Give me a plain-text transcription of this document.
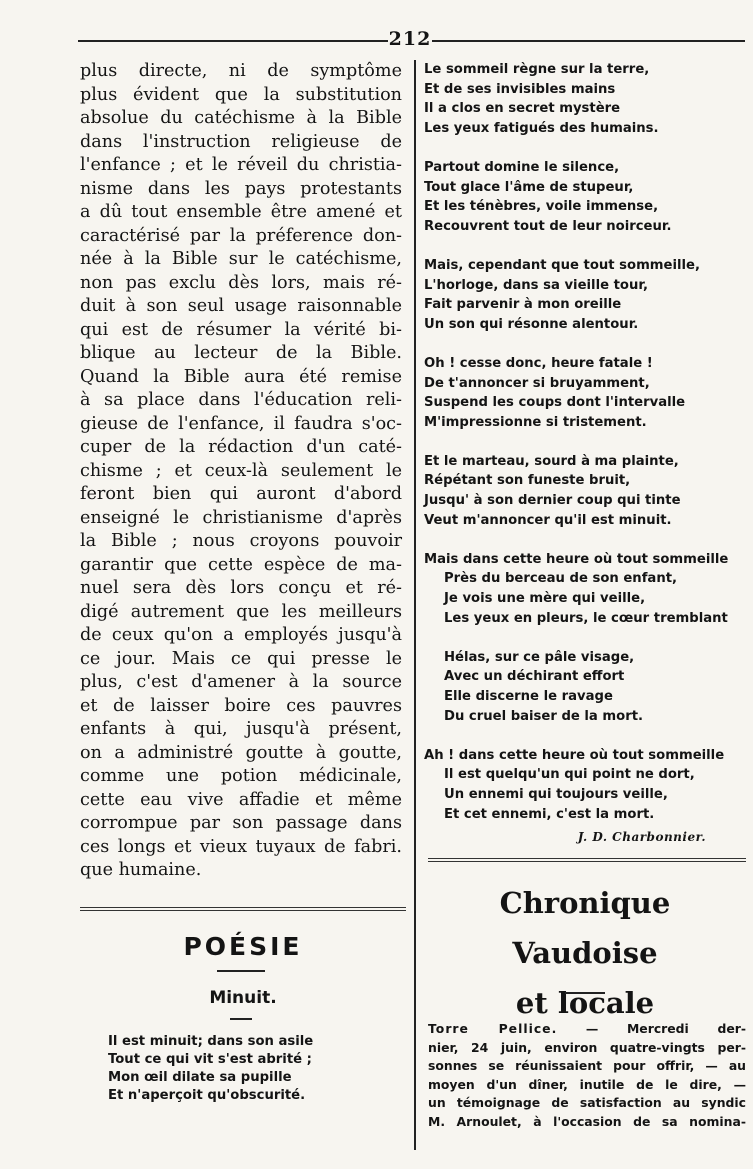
212
plus directe, ni de symptôme
plus évident que la substitution
absolue du catéchisme à la Bible
dans l'instruction religieuse de
l'enfance ; et le réveil du christia-
nisme dans les pays protestants
a dû tout ensemble être amené et
caractérisé par la préference don-
née à la Bible sur le catéchisme,
non pas exclu dès lors, mais ré-
duit à son seul usage raisonnable
qui est de résumer la vérité bi-
blique au lecteur de la Bible.
Quand la Bible aura été remise
à sa place dans l'éducation reli-
gieuse de l'enfance, il faudra s'oc-
cuper de la rédaction d'un caté-
chisme ; et ceux-là seulement le
feront bien qui auront d'abord
enseigné le christianisme d'après
la Bible ; nous croyons pouvoir
garantir que cette espèce de ma-
nuel sera dès lors conçu et ré-
digé autrement que les meilleurs
de ceux qu'on a employés jusqu'à
ce jour. Mais ce qui presse le
plus, c'est d'amener à la source
et de laisser boire ces pauvres
enfants à qui, jusqu'à présent,
on a administré goutte à goutte,
comme une potion médicinale,
cette eau vive affadie et même
corrompue par son passage dans
ces longs et vieux tuyaux de fabri.
que humaine.
POÉSIE
Minuit.
Il est minuit; dans son asile
Tout ce qui vit s'est abrité ;
Mon œil dilate sa pupille
Et n'aperçoit qu'obscurité.
Le sommeil règne sur la terre,
Et de ses invisibles mains
Il a clos en secret mystère
Les yeux fatigués des humains.
Partout domine le silence,
Tout glace l'âme de stupeur,
Et les ténèbres, voile immense,
Recouvrent tout de leur noirceur.
Mais, cependant que tout sommeille,
L'horloge, dans sa vieille tour,
Fait parvenir à mon oreille
Un son qui résonne alentour.
Oh ! cesse donc, heure fatale !
De t'annoncer si bruyamment,
Suspend les coups dont l'intervalle
M'impressionne si tristement.
Et le marteau, sourd à ma plainte,
Répétant son funeste bruit,
Jusqu' à son dernier coup qui tinte
Veut m'annoncer qu'il est minuit.
Mais dans cette heure où tout sommeille
Près du berceau de son enfant,
Je vois une mère qui veille,
Les yeux en pleurs, le cœur tremblant
Hélas, sur ce pâle visage,
Avec un déchirant effort
Elle discerne le ravage
Du cruel baiser de la mort.
Ah ! dans cette heure où tout sommeille
Il est quelqu'un qui point ne dort,
Un ennemi qui toujours veille,
Et cet ennemi, c'est la mort.
J. D. Charbonnier.
Chronique Vaudoise
et locale
Torre Pellice. — Mercredi der-
nier, 24 juin, environ quatre-vingts per-
sonnes se réunissaient pour offrir, — au
moyen d'un dîner, inutile de le dire, —
un témoignage de satisfaction au syndic
M. Arnoulet, à l'occasion de sa nomina-
